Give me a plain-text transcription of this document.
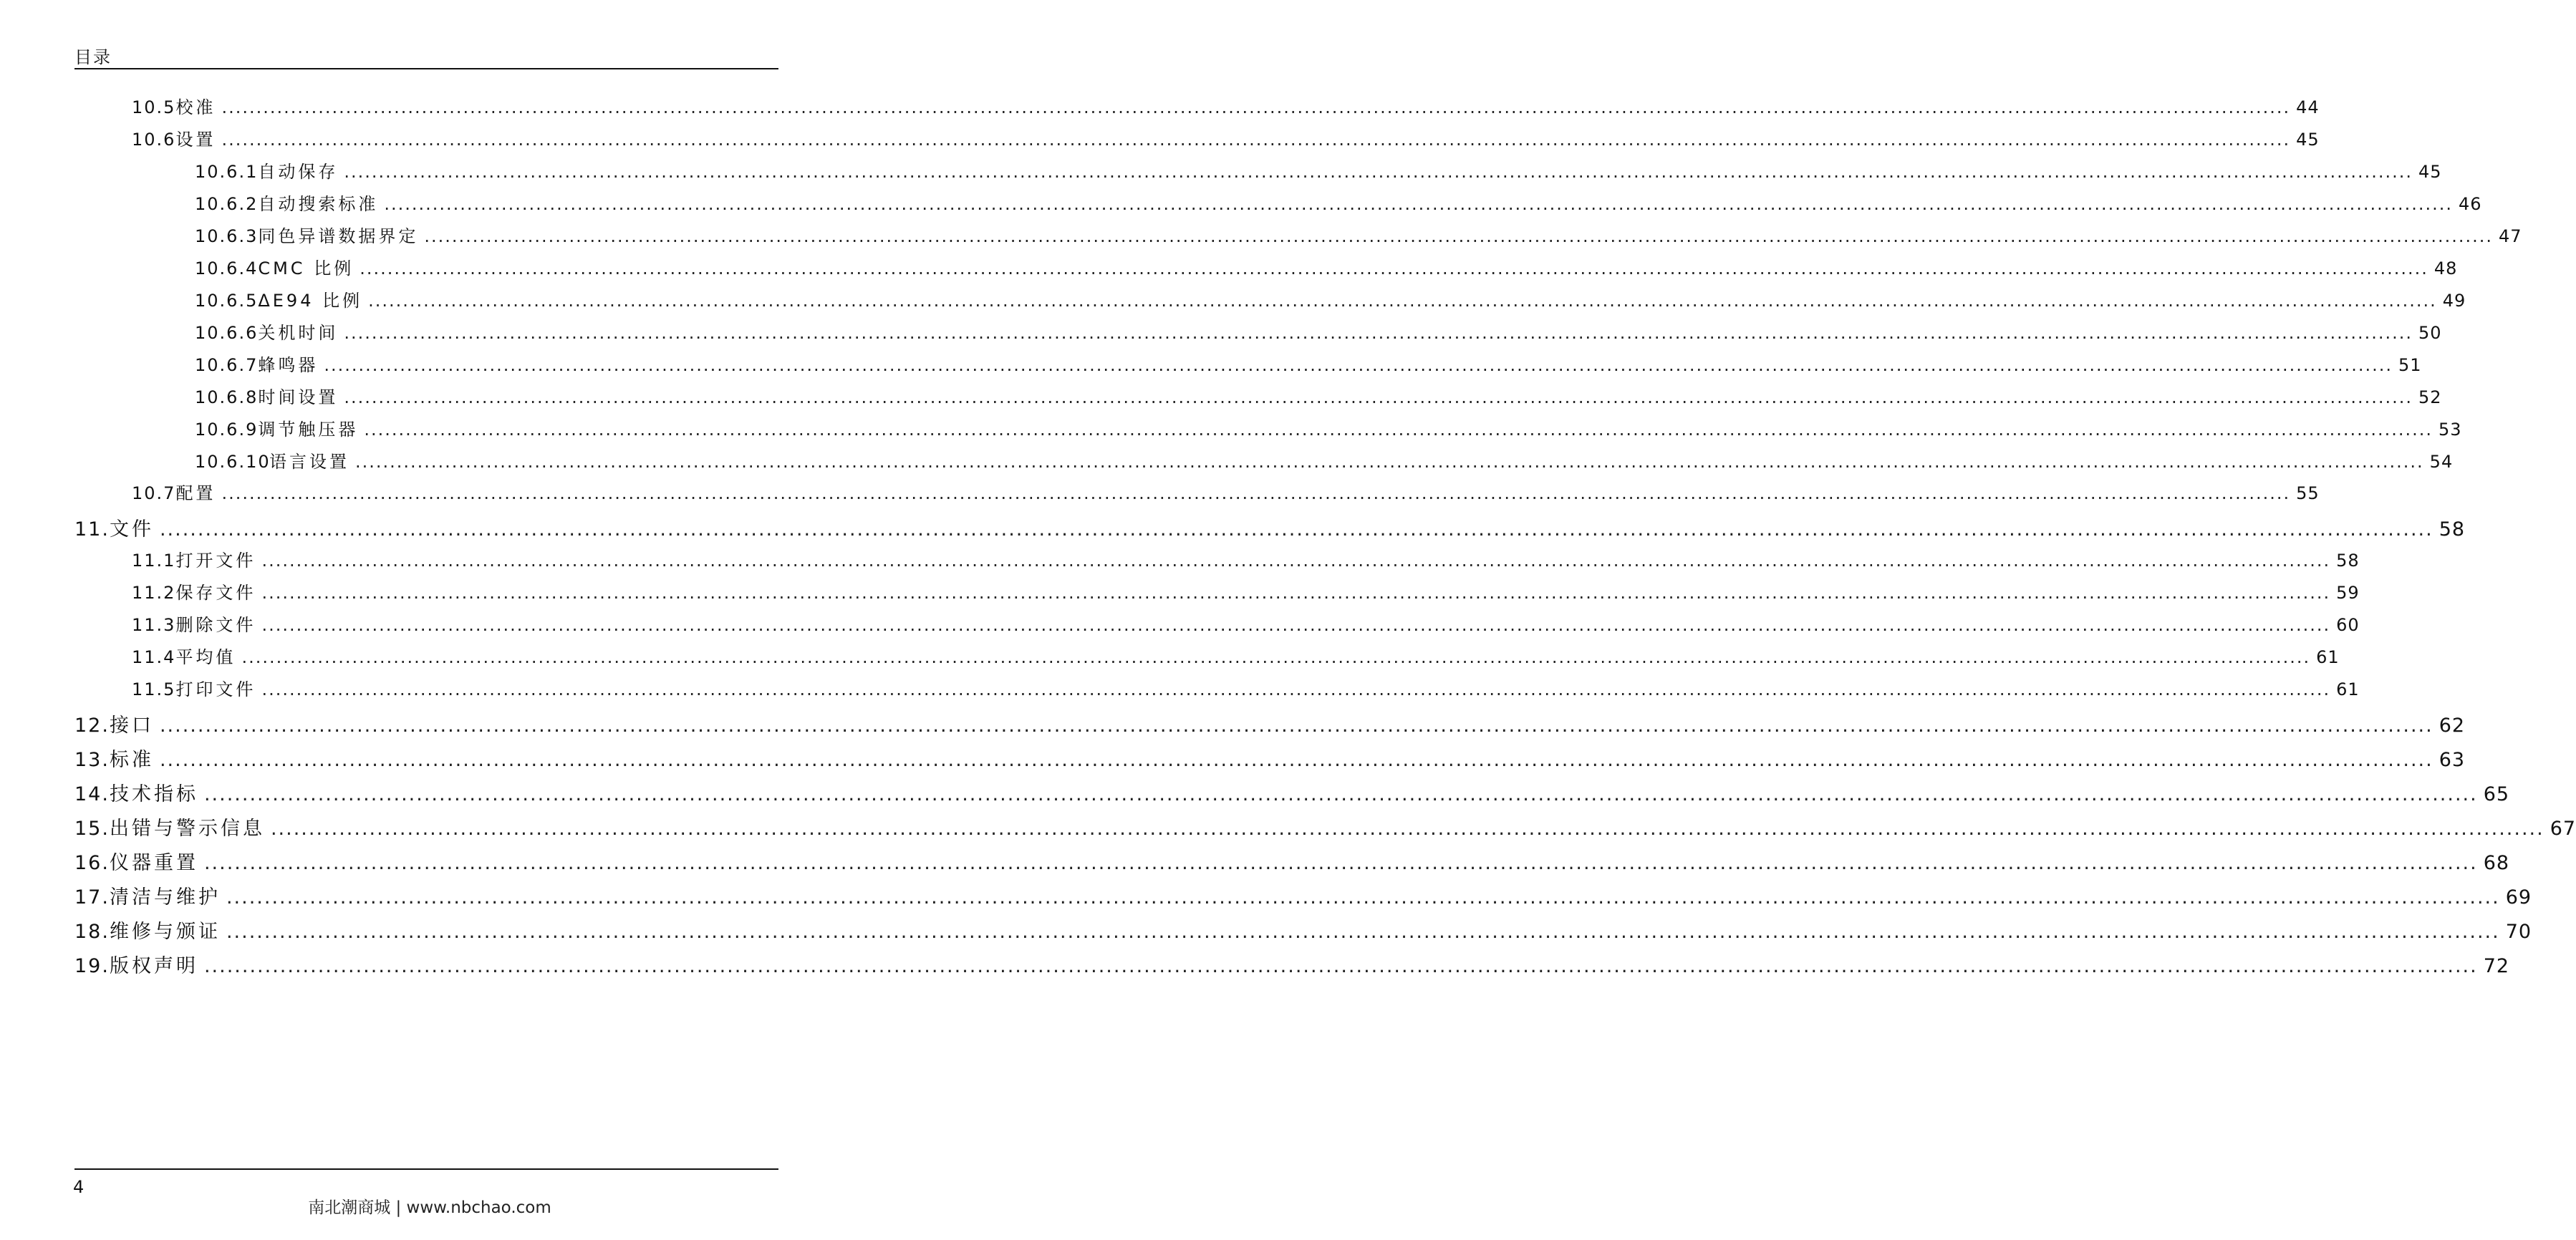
目录
10.5 校准 ............................................................................................................................................................................................................................................................................................................ 44
10.6 设置 ............................................................................................................................................................................................................................................................................................................ 45
10.6.1 自动保存 ............................................................................................................................................................................................................................................................................................................ 45
10.6.2 自动搜索标准 ............................................................................................................................................................................................................................................................................................................ 46
10.6.3 同色异谱数据界定 ............................................................................................................................................................................................................................................................................................................ 47
10.6.4 CMC 比例 ............................................................................................................................................................................................................................................................................................................ 48
10.6.5 ΔE94 比例 ............................................................................................................................................................................................................................................................................................................ 49
10.6.6 关机时间 ............................................................................................................................................................................................................................................................................................................ 50
10.6.7 蜂鸣器 ............................................................................................................................................................................................................................................................................................................ 51
10.6.8 时间设置 ............................................................................................................................................................................................................................................................................................................ 52
10.6.9 调节触压器 ............................................................................................................................................................................................................................................................................................................ 53
10.6.10
语言设置 ............................................................................................................................................................................................................................................................................................................ 54
10.7 配置 ............................................................................................................................................................................................................................................................................................................ 55
11. 文件 ............................................................................................................................................................................................................................................................................................................ 58
11.1 打开文件 ............................................................................................................................................................................................................................................................................................................ 58
11.2 保存文件 ............................................................................................................................................................................................................................................................................................................ 59
11.3 删除文件 ............................................................................................................................................................................................................................................................................................................ 60
11.4 平均值 ............................................................................................................................................................................................................................................................................................................ 61
11.5 打印文件 ............................................................................................................................................................................................................................................................................................................ 61
12. 接口 ............................................................................................................................................................................................................................................................................................................ 62
13. 标准 ............................................................................................................................................................................................................................................................................................................ 63
14. 技术指标 ............................................................................................................................................................................................................................................................................................................ 65
15. 出错与警示信息 ............................................................................................................................................................................................................................................................................................................ 67
16. 仪器重置 ............................................................................................................................................................................................................................................................................................................ 68
17. 清洁与维护 ............................................................................................................................................................................................................................................................................................................ 69
18. 维修与颁证 ............................................................................................................................................................................................................................................................................................................ 70
19. 版权声明 ............................................................................................................................................................................................................................................................................................................ 72
4
南北潮商城 | www.nbchao.com
